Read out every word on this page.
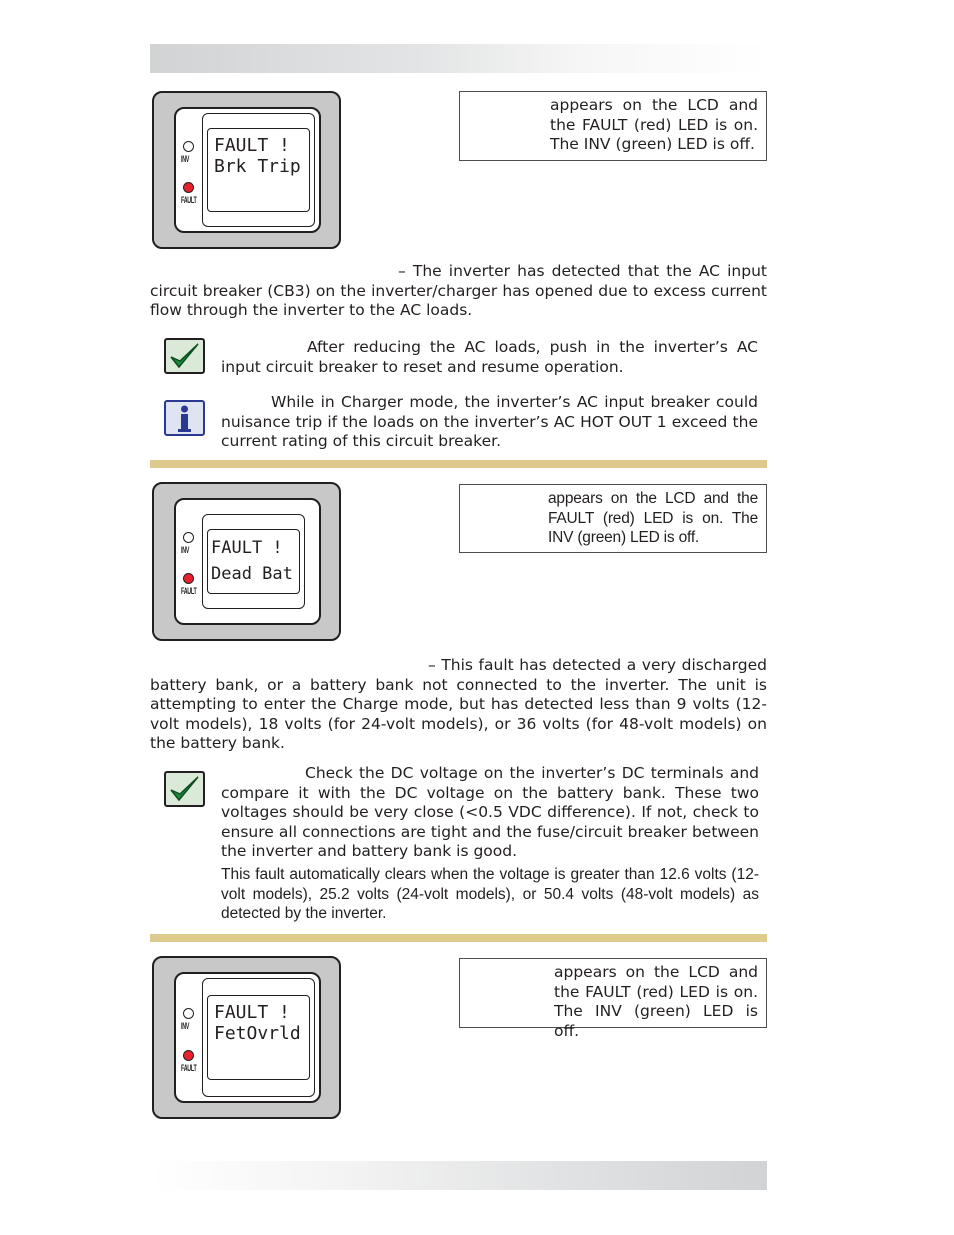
INV
FAULT
FAULT !
Brk Trip
appears on the LCD and the FAULT (red) LED is on. The INV (green) LED is off.
– The inverter has detected that the AC input circuit breaker (CB3) on the inverter/charger has opened due to excess current flow through the inverter to the AC loads.
After reducing the AC loads, push in the inverter’s AC input circuit breaker to reset and resume operation.
While in Charger mode, the inverter’s AC input breaker could nuisance trip if the loads on the inverter’s AC HOT OUT 1 exceed the current rating of this circuit breaker.
INV
FAULT
FAULT !
Dead Bat
appears on the LCD and the FAULT (red) LED is on. The INV (green) LED is off.
– This fault has detected a very discharged battery bank, or a battery bank not connected to the inverter. The unit is attempting to enter the Charge mode, but has detected less than 9 volts (12-volt models), 18 volts (for 24-volt models), or 36 volts (for 48-volt models) on the battery bank.
Check the DC voltage on the inverter’s DC terminals and compare it with the DC voltage on the battery bank. These two voltages should be very close (<0.5 VDC difference). If not, check to ensure all connections are tight and the fuse/circuit breaker between the inverter and battery bank is good.
This fault automatically clears when the voltage is greater than 12.6 volts (12-volt models), 25.2 volts (24-volt models), or 50.4 volts (48-volt models) as detected by the inverter.
INV
FAULT
FAULT !
FetOvrld
appears on the LCD and the FAULT (red) LED is on. The INV (green) LED is off.
